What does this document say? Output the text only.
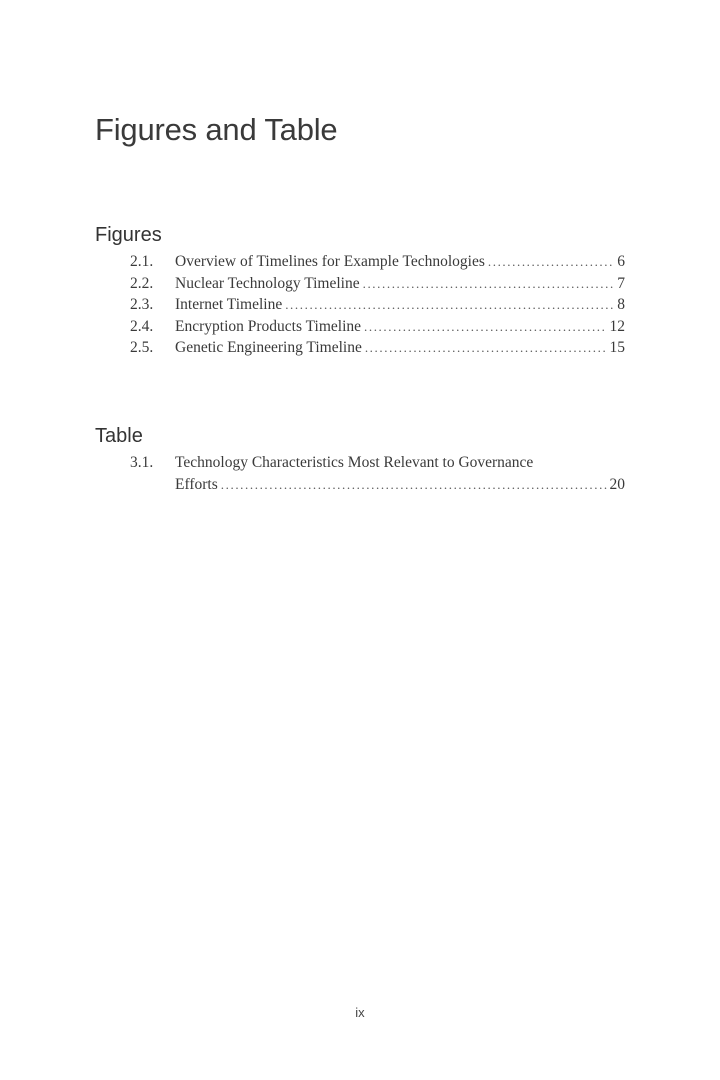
Figures and Table
Figures
2.1. Overview of Timelines for Example Technologies .....	6
2.2. Nuclear Technology Timeline .....	7
2.3. Internet Timeline .....	8
2.4. Encryption Products Timeline .....	12
2.5. Genetic Engineering Timeline .....	15
Table
3.1. Technology Characteristics Most Relevant to Governance
Efforts .....	20
ix
